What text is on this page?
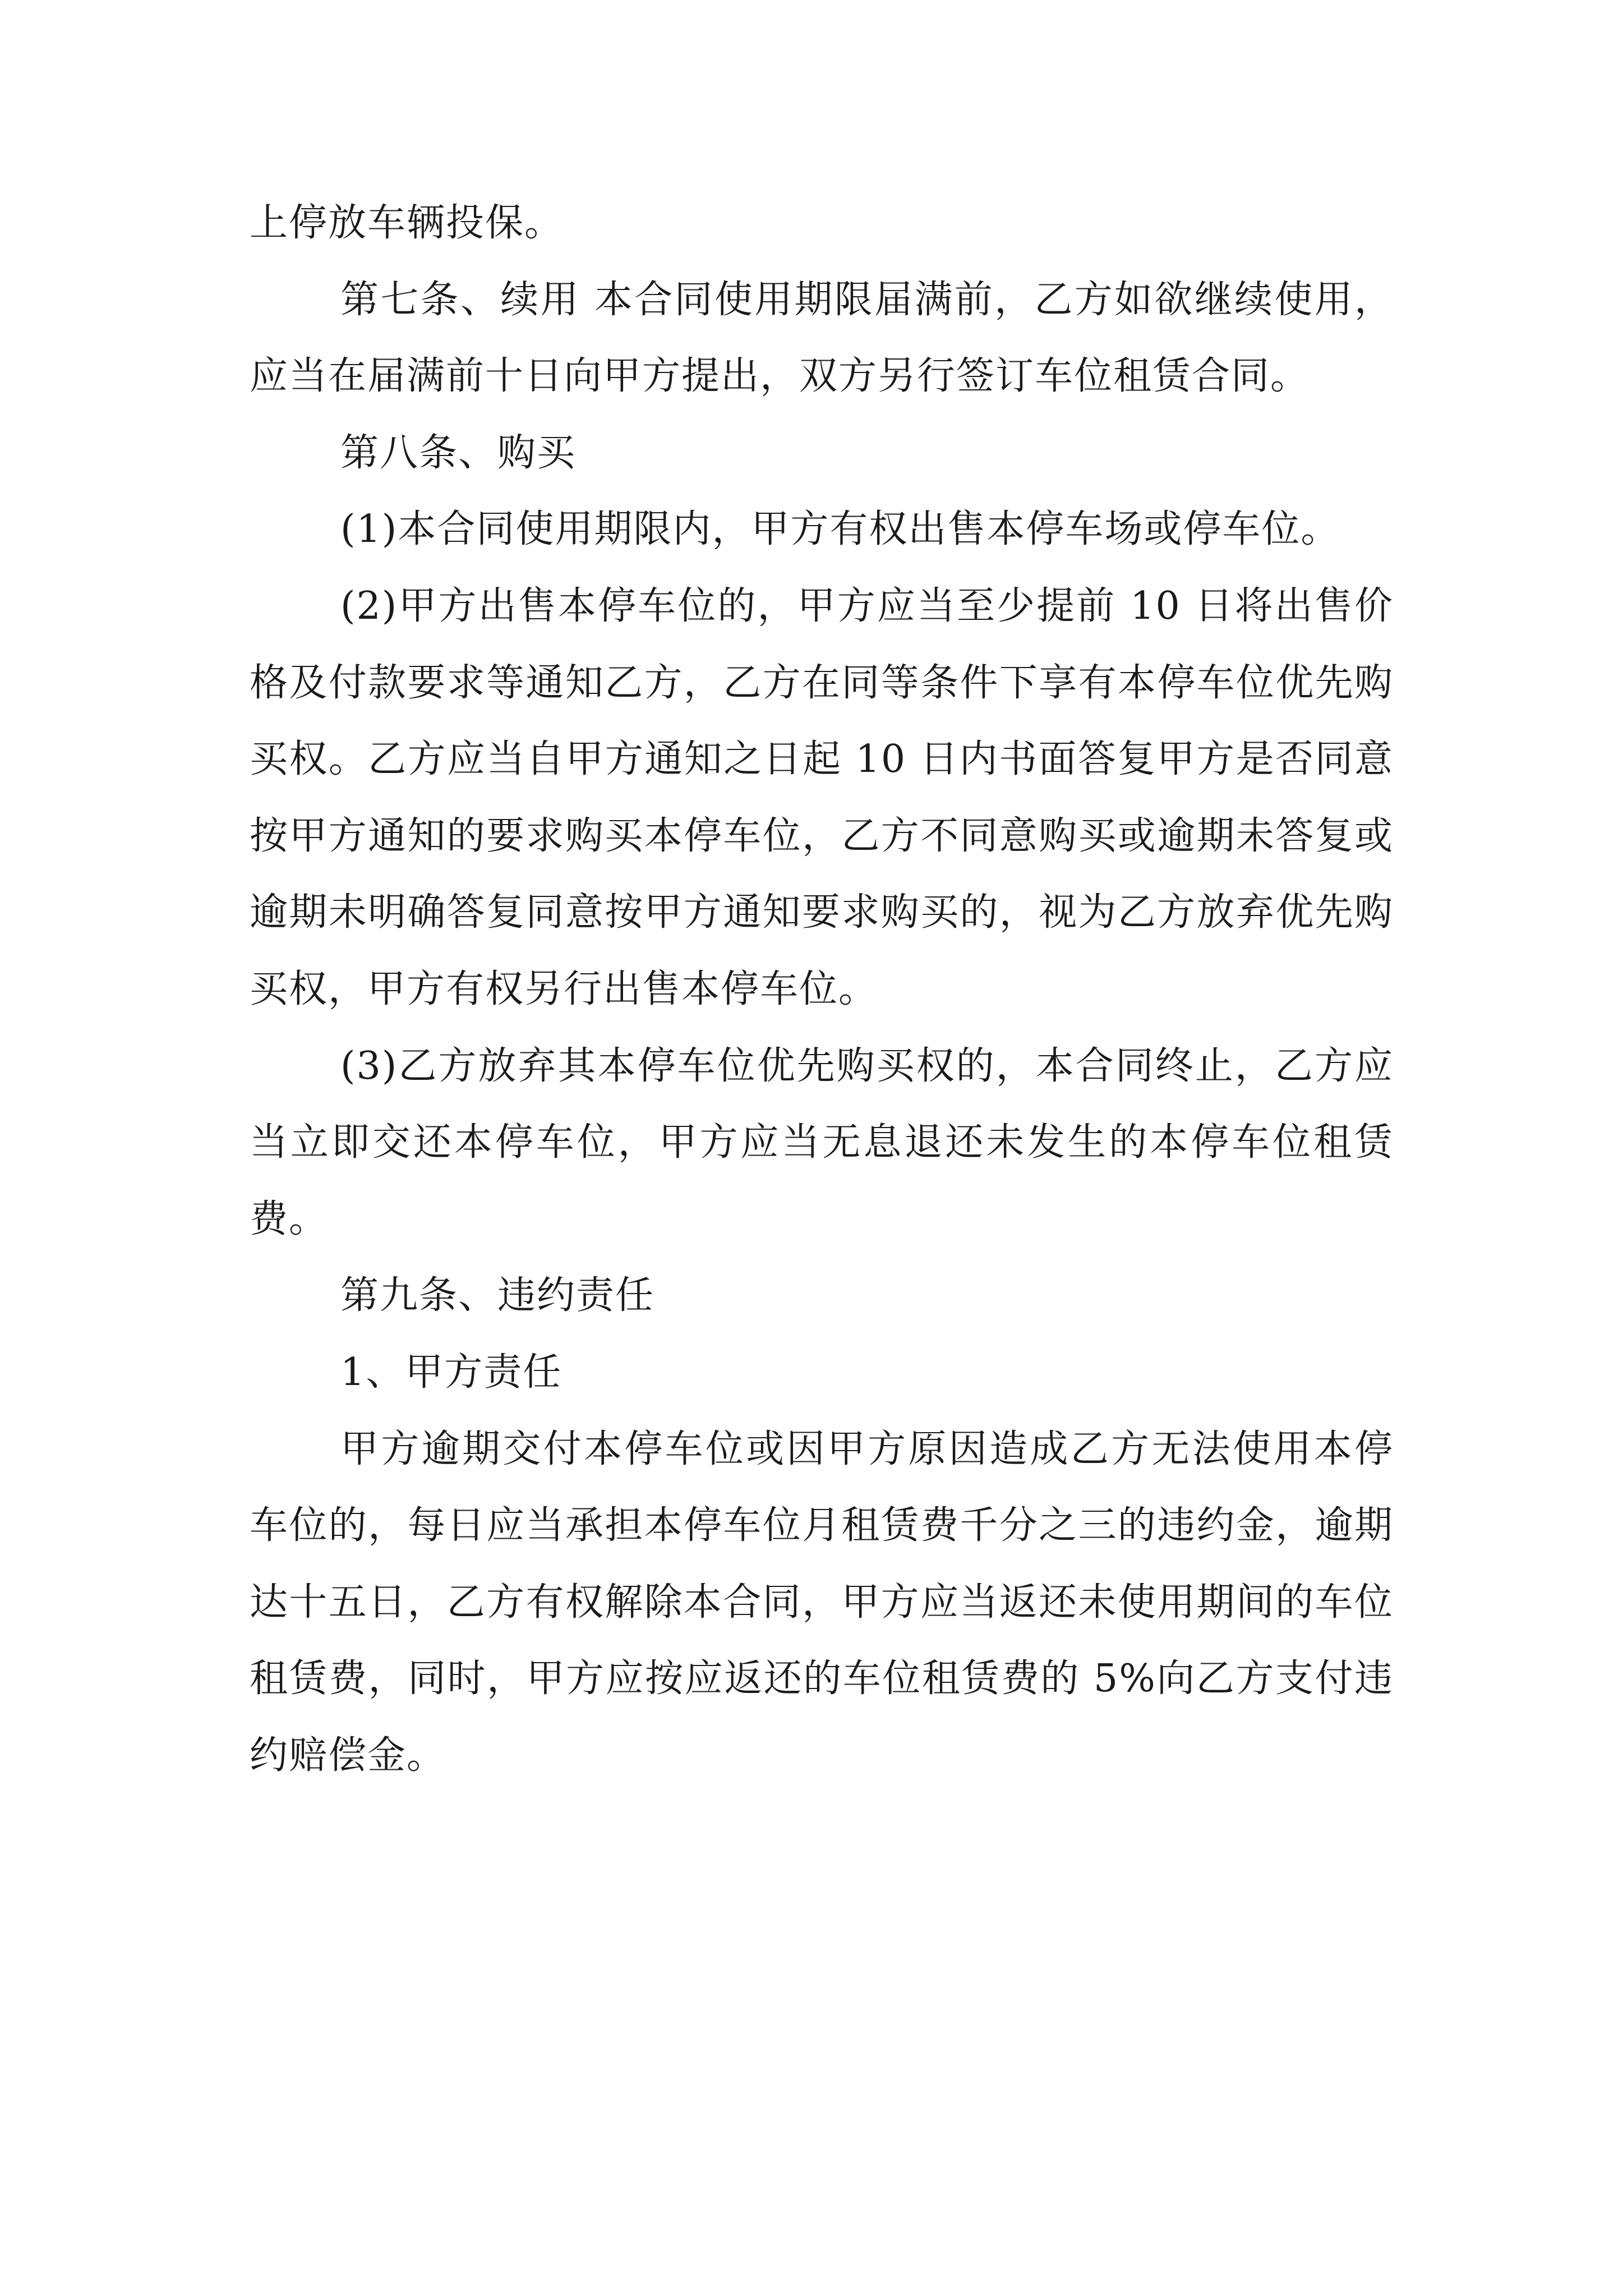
上停放车辆投保。

第七条、续用 本合同使用期限届满前，乙方如欲继续使用，应当在届满前十日向甲方提出，双方另行签订车位租赁合同。

第八条、购买

(1)本合同使用期限内，甲方有权出售本停车场或停车位。

(2)甲方出售本停车位的，甲方应当至少提前 10 日将出售价格及付款要求等通知乙方，乙方在同等条件下享有本停车位优先购买权。乙方应当自甲方通知之日起 10 日内书面答复甲方是否同意按甲方通知的要求购买本停车位，乙方不同意购买或逾期未答复或逾期未明确答复同意按甲方通知要求购买的，视为乙方放弃优先购买权，甲方有权另行出售本停车位。

(3)乙方放弃其本停车位优先购买权的，本合同终止，乙方应当立即交还本停车位，甲方应当无息退还未发生的本停车位租赁费。

第九条、违约责任

1、甲方责任

甲方逾期交付本停车位或因甲方原因造成乙方无法使用本停车位的，每日应当承担本停车位月租赁费千分之三的违约金，逾期达十五日，乙方有权解除本合同，甲方应当返还未使用期间的车位租赁费，同时，甲方应按应返还的车位租赁费的 5%向乙方支付违约赔偿金。
